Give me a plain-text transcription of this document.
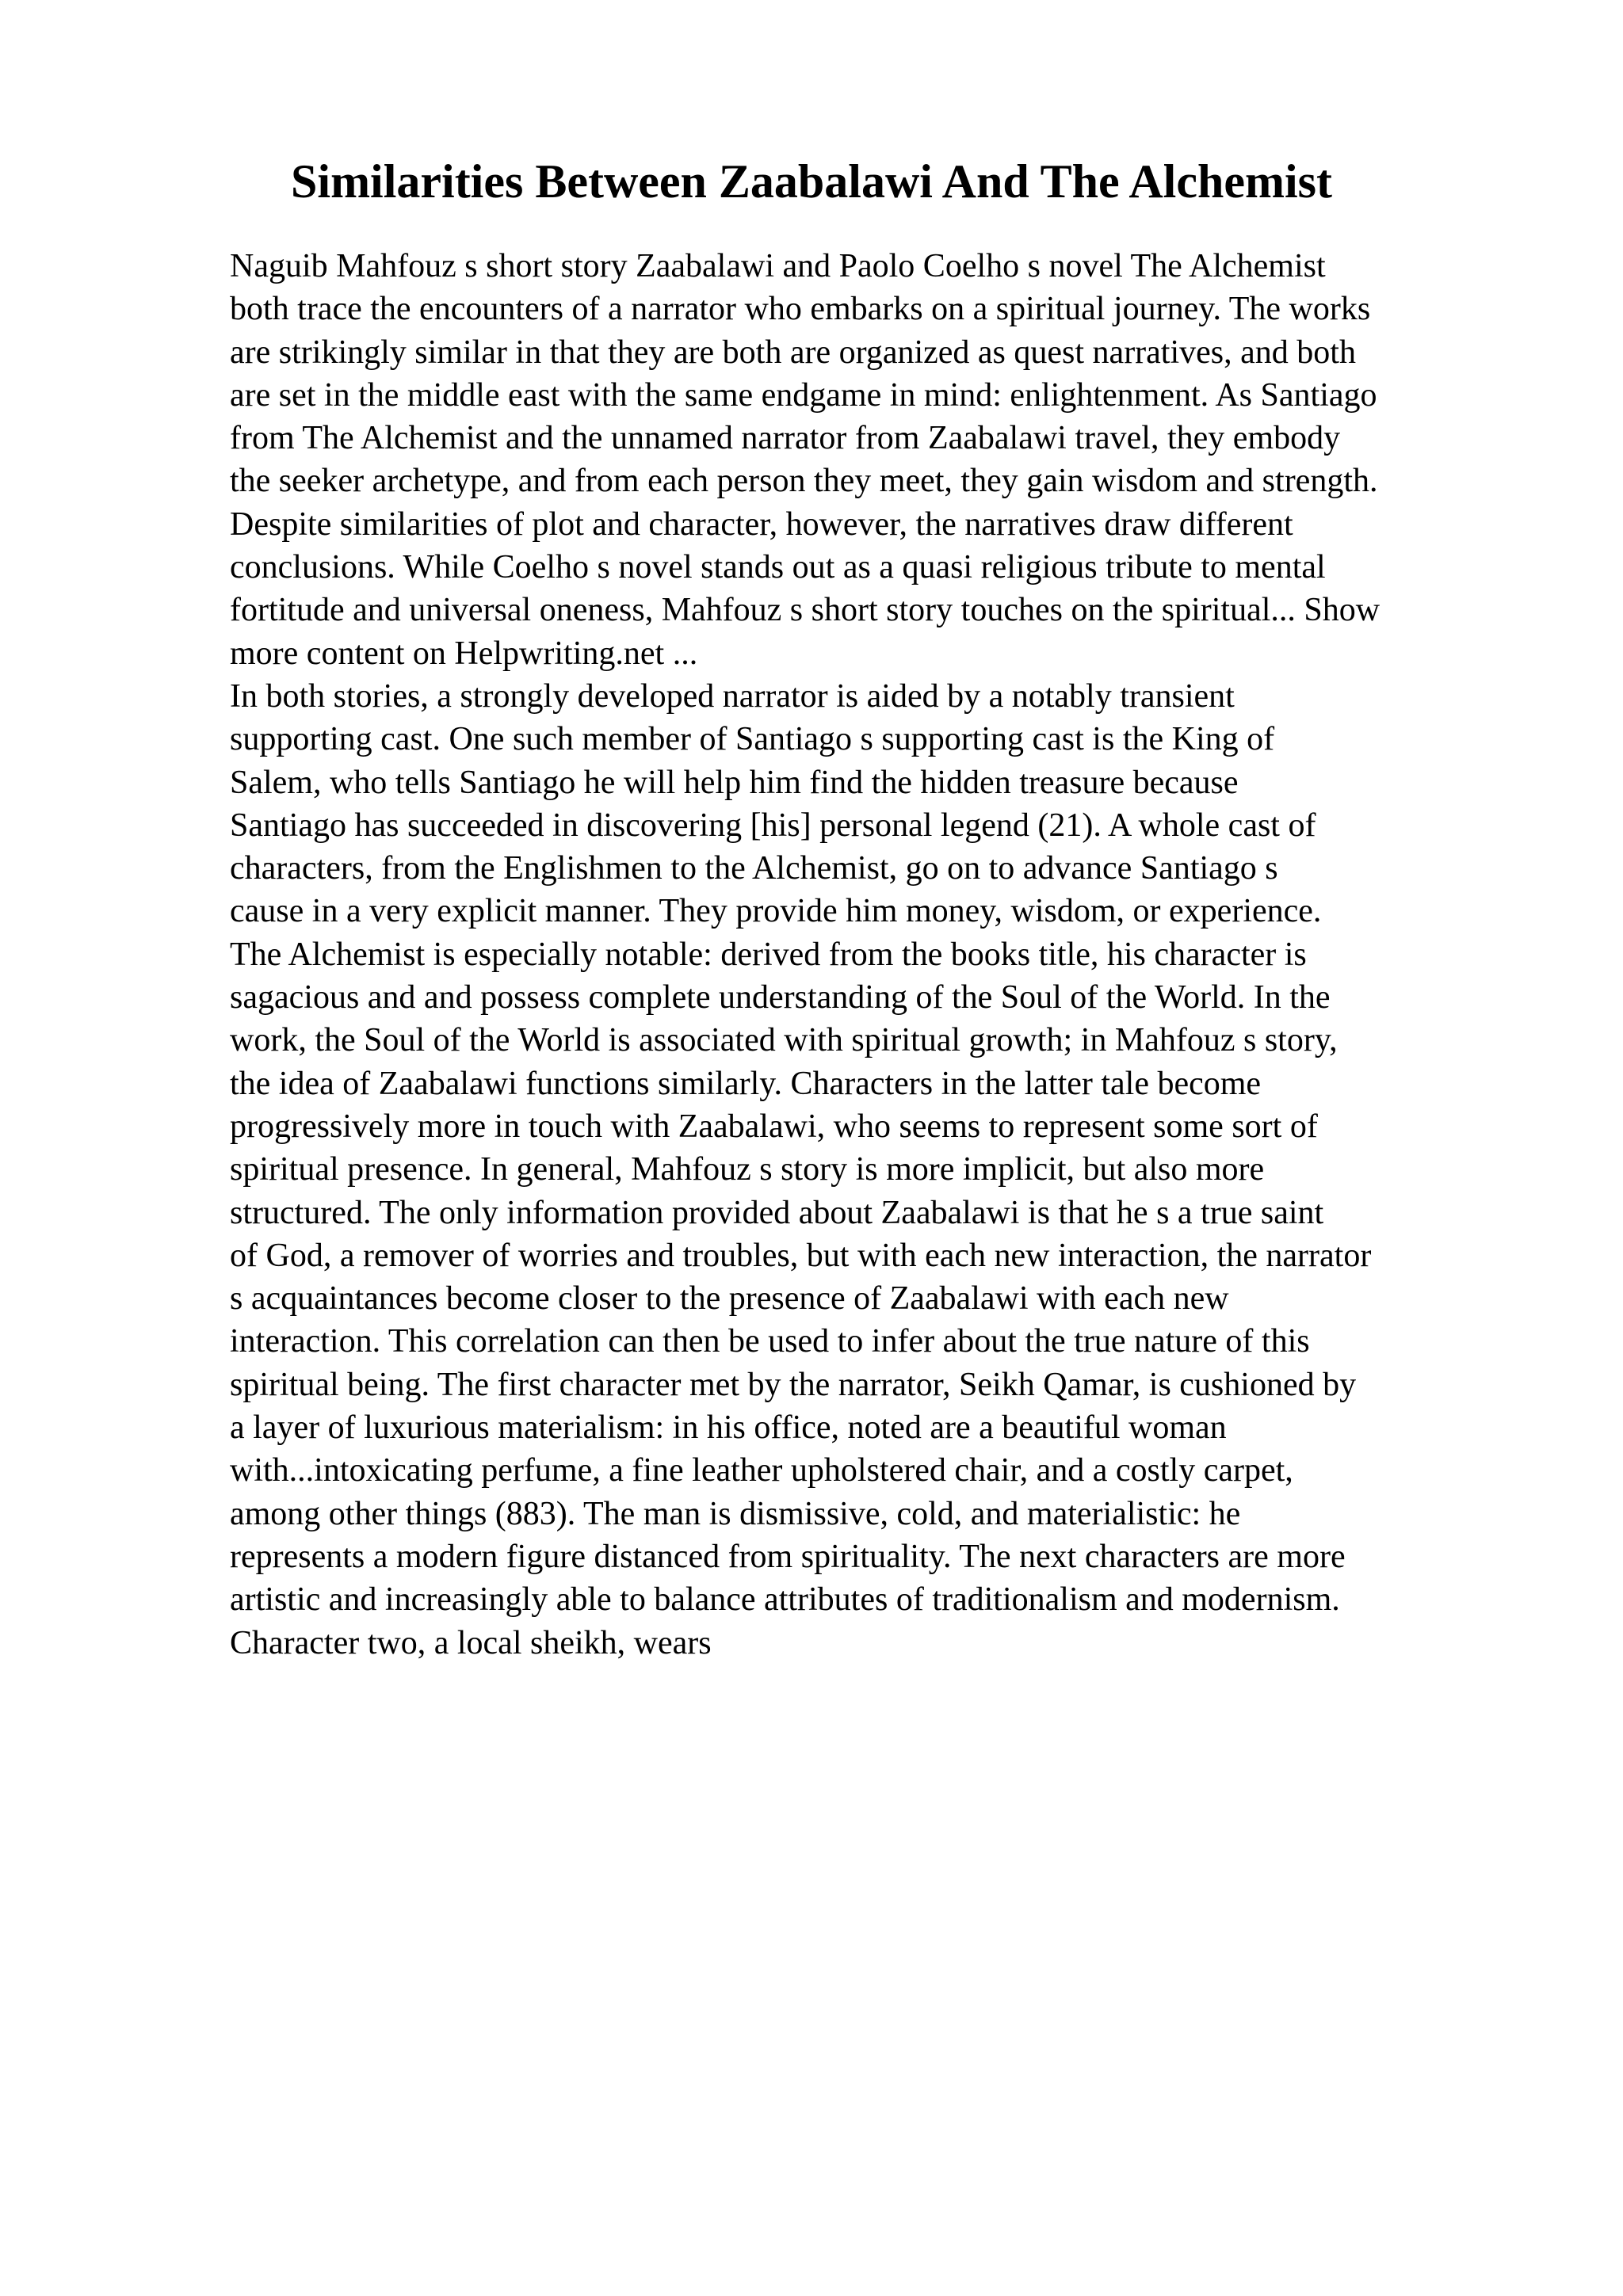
Similarities Between Zaabalawi And The Alchemist
Naguib Mahfouz s short story Zaabalawi and Paolo Coelho s novel The Alchemist
both trace the encounters of a narrator who embarks on a spiritual journey. The works
are strikingly similar in that they are both are organized as quest narratives, and both
are set in the middle east with the same endgame in mind: enlightenment. As Santiago
from The Alchemist and the unnamed narrator from Zaabalawi travel, they embody
the seeker archetype, and from each person they meet, they gain wisdom and strength.
Despite similarities of plot and character, however, the narratives draw different
conclusions. While Coelho s novel stands out as a quasi religious tribute to mental
fortitude and universal oneness, Mahfouz s short story touches on the spiritual... Show
more content on Helpwriting.net ...
In both stories, a strongly developed narrator is aided by a notably transient
supporting cast. One such member of Santiago s supporting cast is the King of
Salem, who tells Santiago he will help him find the hidden treasure because
Santiago has succeeded in discovering [his] personal legend (21). A whole cast of
characters, from the Englishmen to the Alchemist, go on to advance Santiago s
cause in a very explicit manner. They provide him money, wisdom, or experience.
The Alchemist is especially notable: derived from the books title, his character is
sagacious and and possess complete understanding of the Soul of the World. In the
work, the Soul of the World is associated with spiritual growth; in Mahfouz s story,
the idea of Zaabalawi functions similarly. Characters in the latter tale become
progressively more in touch with Zaabalawi, who seems to represent some sort of
spiritual presence. In general, Mahfouz s story is more implicit, but also more
structured. The only information provided about Zaabalawi is that he s a true saint
of God, a remover of worries and troubles, but with each new interaction, the narrator
s acquaintances become closer to the presence of Zaabalawi with each new
interaction. This correlation can then be used to infer about the true nature of this
spiritual being. The first character met by the narrator, Seikh Qamar, is cushioned by
a layer of luxurious materialism: in his office, noted are a beautiful woman
with...intoxicating perfume, a fine leather upholstered chair, and a costly carpet,
among other things (883). The man is dismissive, cold, and materialistic: he
represents a modern figure distanced from spirituality. The next characters are more
artistic and increasingly able to balance attributes of traditionalism and modernism.
Character two, a local sheikh, wears
